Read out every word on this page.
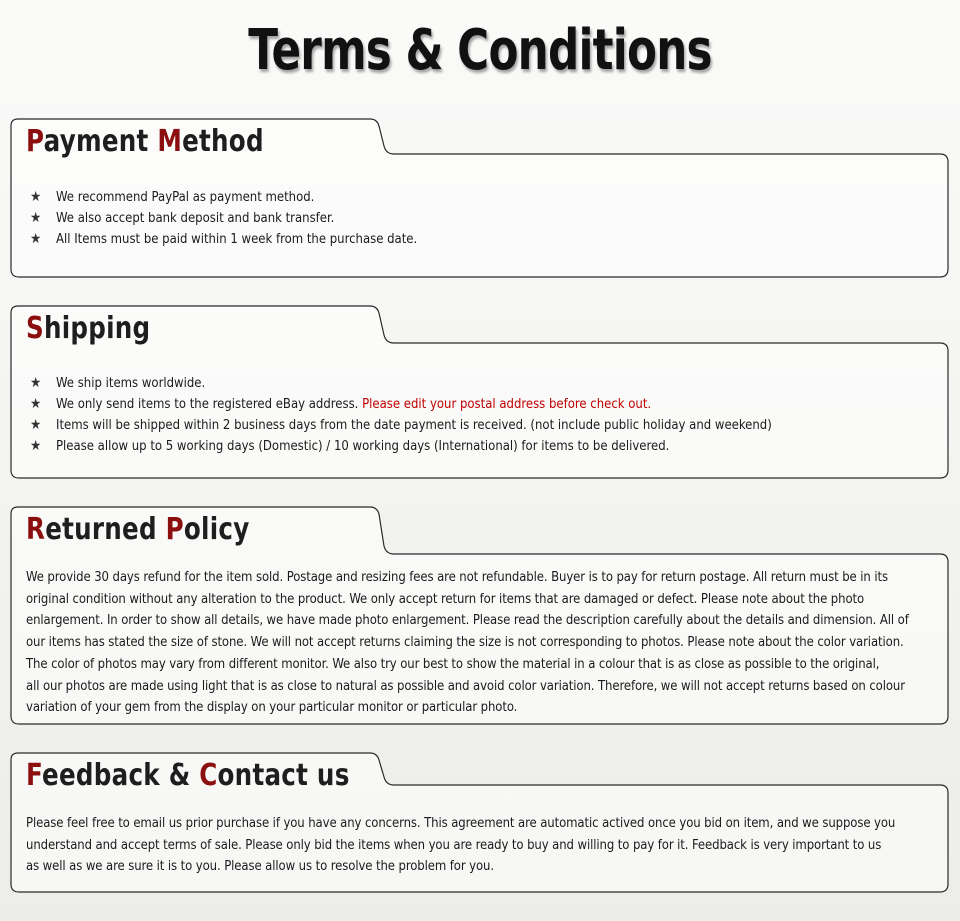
Terms & Conditions
Payment Method
★ We recommend PayPal as payment method.
★ We also accept bank deposit and bank transfer.
★ All Items must be paid within 1 week from the purchase date.
Shipping
★ We ship items worldwide.
★ We only send items to the registered eBay address. Please edit your postal address before check out.
★ Items will be shipped within 2 business days from the date payment is received. (not include public holiday and weekend)
★ Please allow up to 5 working days (Domestic) / 10 working days (International) for items to be delivered.
Returned Policy
We provide 30 days refund for the item sold. Postage and resizing fees are not refundable. Buyer is to pay for return postage. All return must be in its
original condition without any alteration to the product. We only accept return for items that are damaged or defect. Please note about the photo
enlargement. In order to show all details, we have made photo enlargement. Please read the description carefully about the details and dimension. All of
our items has stated the size of stone. We will not accept returns claiming the size is not corresponding to photos. Please note about the color variation.
The color of photos may vary from different monitor. We also try our best to show the material in a colour that is as close as possible to the original,
all our photos are made using light that is as close to natural as possible and avoid color variation. Therefore, we will not accept returns based on colour
variation of your gem from the display on your particular monitor or particular photo.
Feedback & Contact us
Please feel free to email us prior purchase if you have any concerns. This agreement are automatic actived once you bid on item, and we suppose you
understand and accept terms of sale. Please only bid the items when you are ready to buy and willing to pay for it. Feedback is very important to us
as well as we are sure it is to you. Please allow us to resolve the problem for you.
